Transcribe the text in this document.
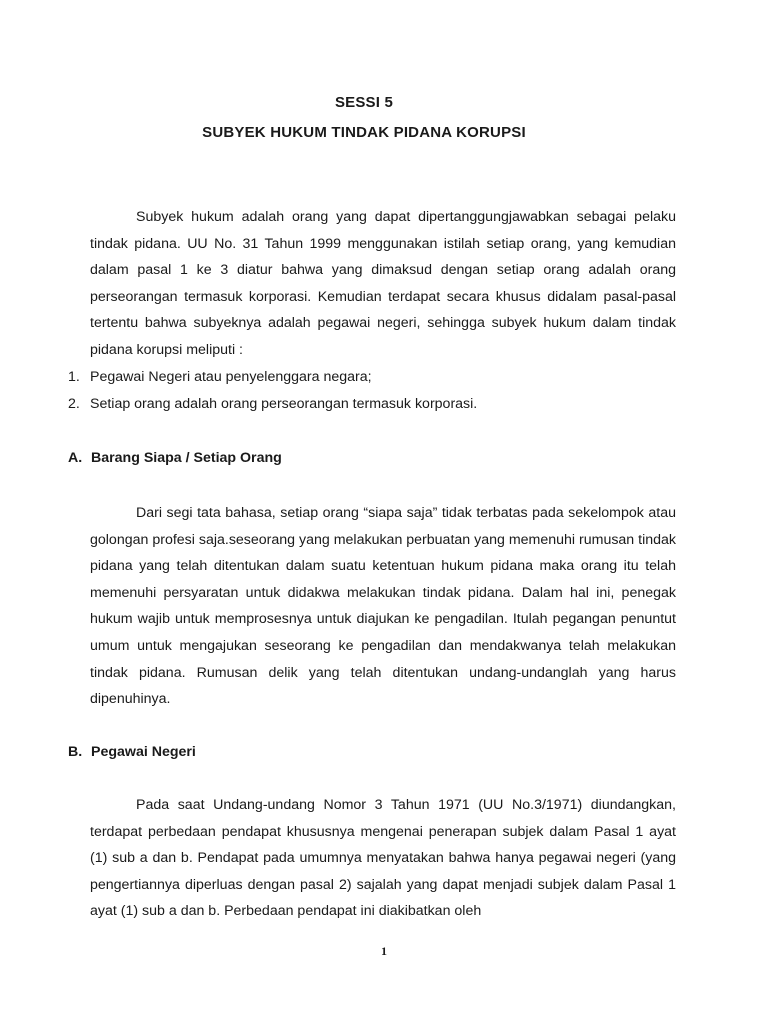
SESSI 5
SUBYEK HUKUM TINDAK PIDANA KORUPSI
Subyek hukum adalah orang yang dapat dipertanggungjawabkan sebagai pelaku tindak pidana. UU No. 31 Tahun 1999 menggunakan istilah setiap orang, yang kemudian dalam pasal 1 ke 3 diatur bahwa yang dimaksud dengan setiap orang adalah orang perseorangan termasuk korporasi. Kemudian terdapat secara khusus didalam pasal-pasal tertentu bahwa subyeknya adalah pegawai negeri, sehingga subyek hukum dalam tindak pidana korupsi meliputi :
1. Pegawai Negeri atau penyelenggara negara;
2. Setiap orang adalah orang perseorangan termasuk korporasi.
A. Barang Siapa / Setiap Orang
Dari segi tata bahasa, setiap orang “siapa saja” tidak terbatas pada sekelompok atau golongan profesi saja.seseorang yang melakukan perbuatan yang memenuhi rumusan tindak pidana yang telah ditentukan dalam suatu ketentuan hukum pidana maka orang itu telah memenuhi persyaratan untuk didakwa melakukan tindak pidana. Dalam hal ini, penegak hukum wajib untuk memprosesnya untuk diajukan ke pengadilan. Itulah pegangan penuntut umum untuk mengajukan seseorang ke pengadilan dan mendakwanya telah melakukan tindak pidana. Rumusan delik yang telah ditentukan undang-undanglah yang harus dipenuhinya.
B. Pegawai Negeri
Pada saat Undang-undang Nomor 3 Tahun 1971 (UU No.3/1971) diundangkan, terdapat perbedaan pendapat khususnya mengenai penerapan subjek dalam Pasal 1 ayat (1) sub a dan b. Pendapat pada umumnya menyatakan bahwa hanya pegawai negeri (yang pengertiannya diperluas dengan pasal 2) sajalah yang dapat menjadi subjek dalam Pasal 1 ayat (1) sub a dan b. Perbedaan pendapat ini diakibatkan oleh
1
